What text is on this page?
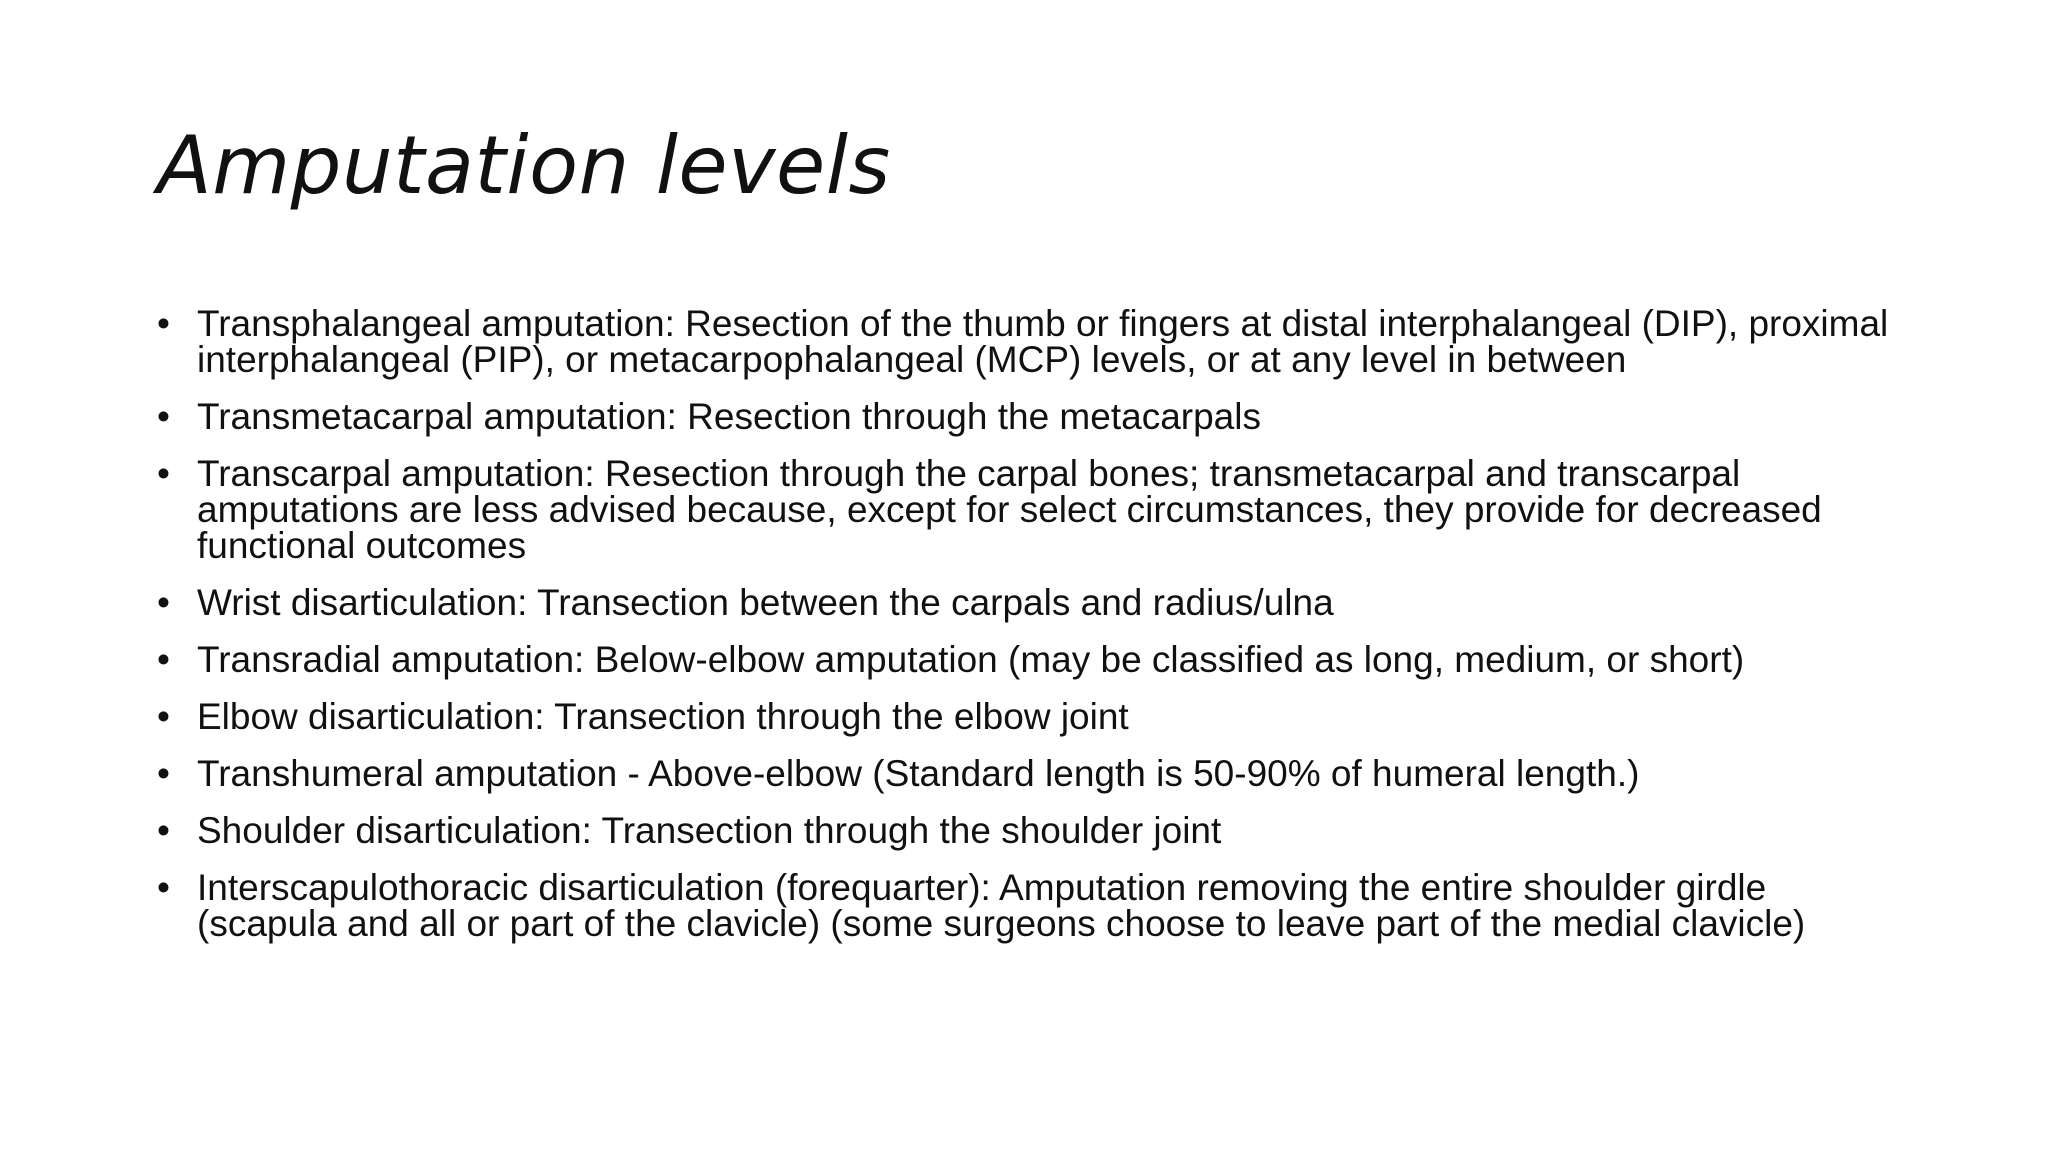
Amputation levels
• Transphalangeal amputation: Resection of the thumb or fingers at distal interphalangeal (DIP), proximal interphalangeal (PIP), or metacarpophalangeal (MCP) levels, or at any level in between
• Transmetacarpal amputation: Resection through the metacarpals
• Transcarpal amputation: Resection through the carpal bones; transmetacarpal and transcarpal amputations are less advised because, except for select circumstances, they provide for decreased functional outcomes
• Wrist disarticulation: Transection between the carpals and radius/ulna
• Transradial amputation: Below-elbow amputation (may be classified as long, medium, or short)
• Elbow disarticulation: Transection through the elbow joint
• Transhumeral amputation - Above-elbow (Standard length is 50-90% of humeral length.)
• Shoulder disarticulation: Transection through the shoulder joint
• Interscapulothoracic disarticulation (forequarter): Amputation removing the entire shoulder girdle (scapula and all or part of the clavicle) (some surgeons choose to leave part of the medial clavicle)
